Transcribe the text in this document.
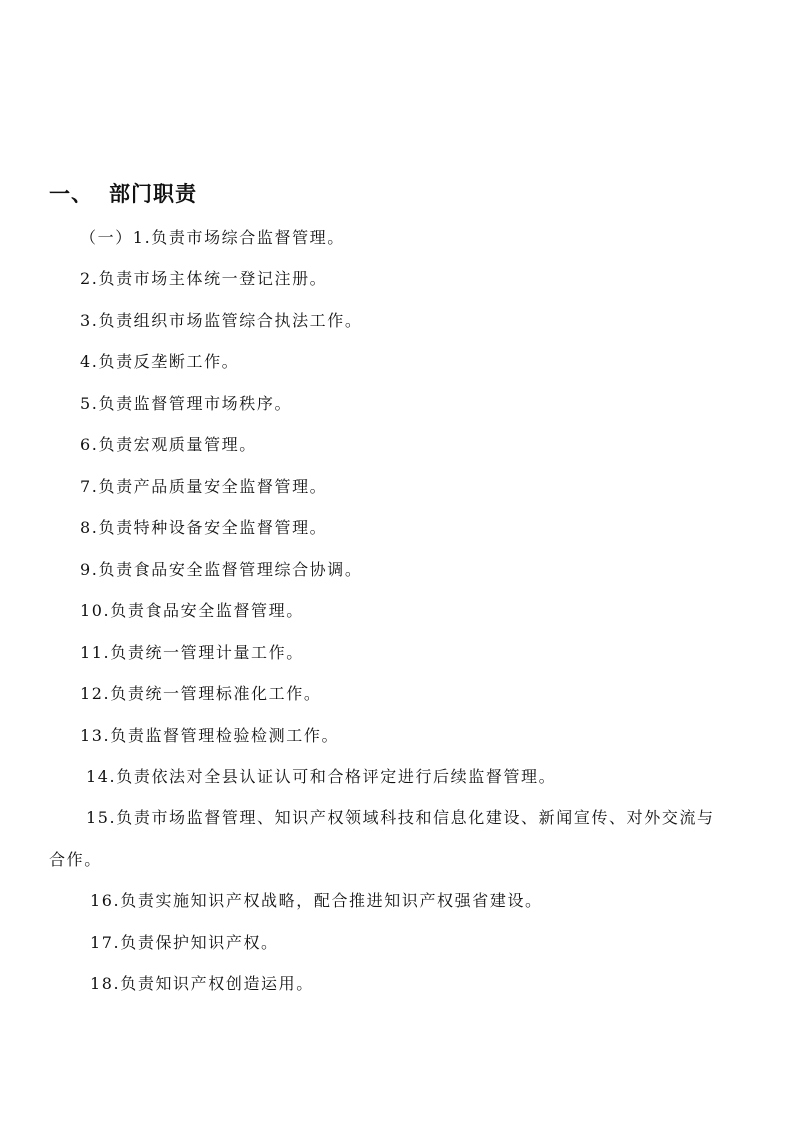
一、 部门职责
（一）1.负责市场综合监督管理。
2.负责市场主体统一登记注册。
3.负责组织市场监管综合执法工作。
4.负责反垄断工作。
5.负责监督管理市场秩序。
6.负责宏观质量管理。
7.负责产品质量安全监督管理。
8.负责特种设备安全监督管理。
9.负责食品安全监督管理综合协调。
10.负责食品安全监督管理。
11.负责统一管理计量工作。
12.负责统一管理标准化工作。
13.负责监督管理检验检测工作。
14.负责依法对全县认证认可和合格评定进行后续监督管理。
15.负责市场监督管理、知识产权领域科技和信息化建设、新闻宣传、对外交流与
合作。
16.负责实施知识产权战略，配合推进知识产权强省建设。
17.负责保护知识产权。
18.负责知识产权创造运用。
